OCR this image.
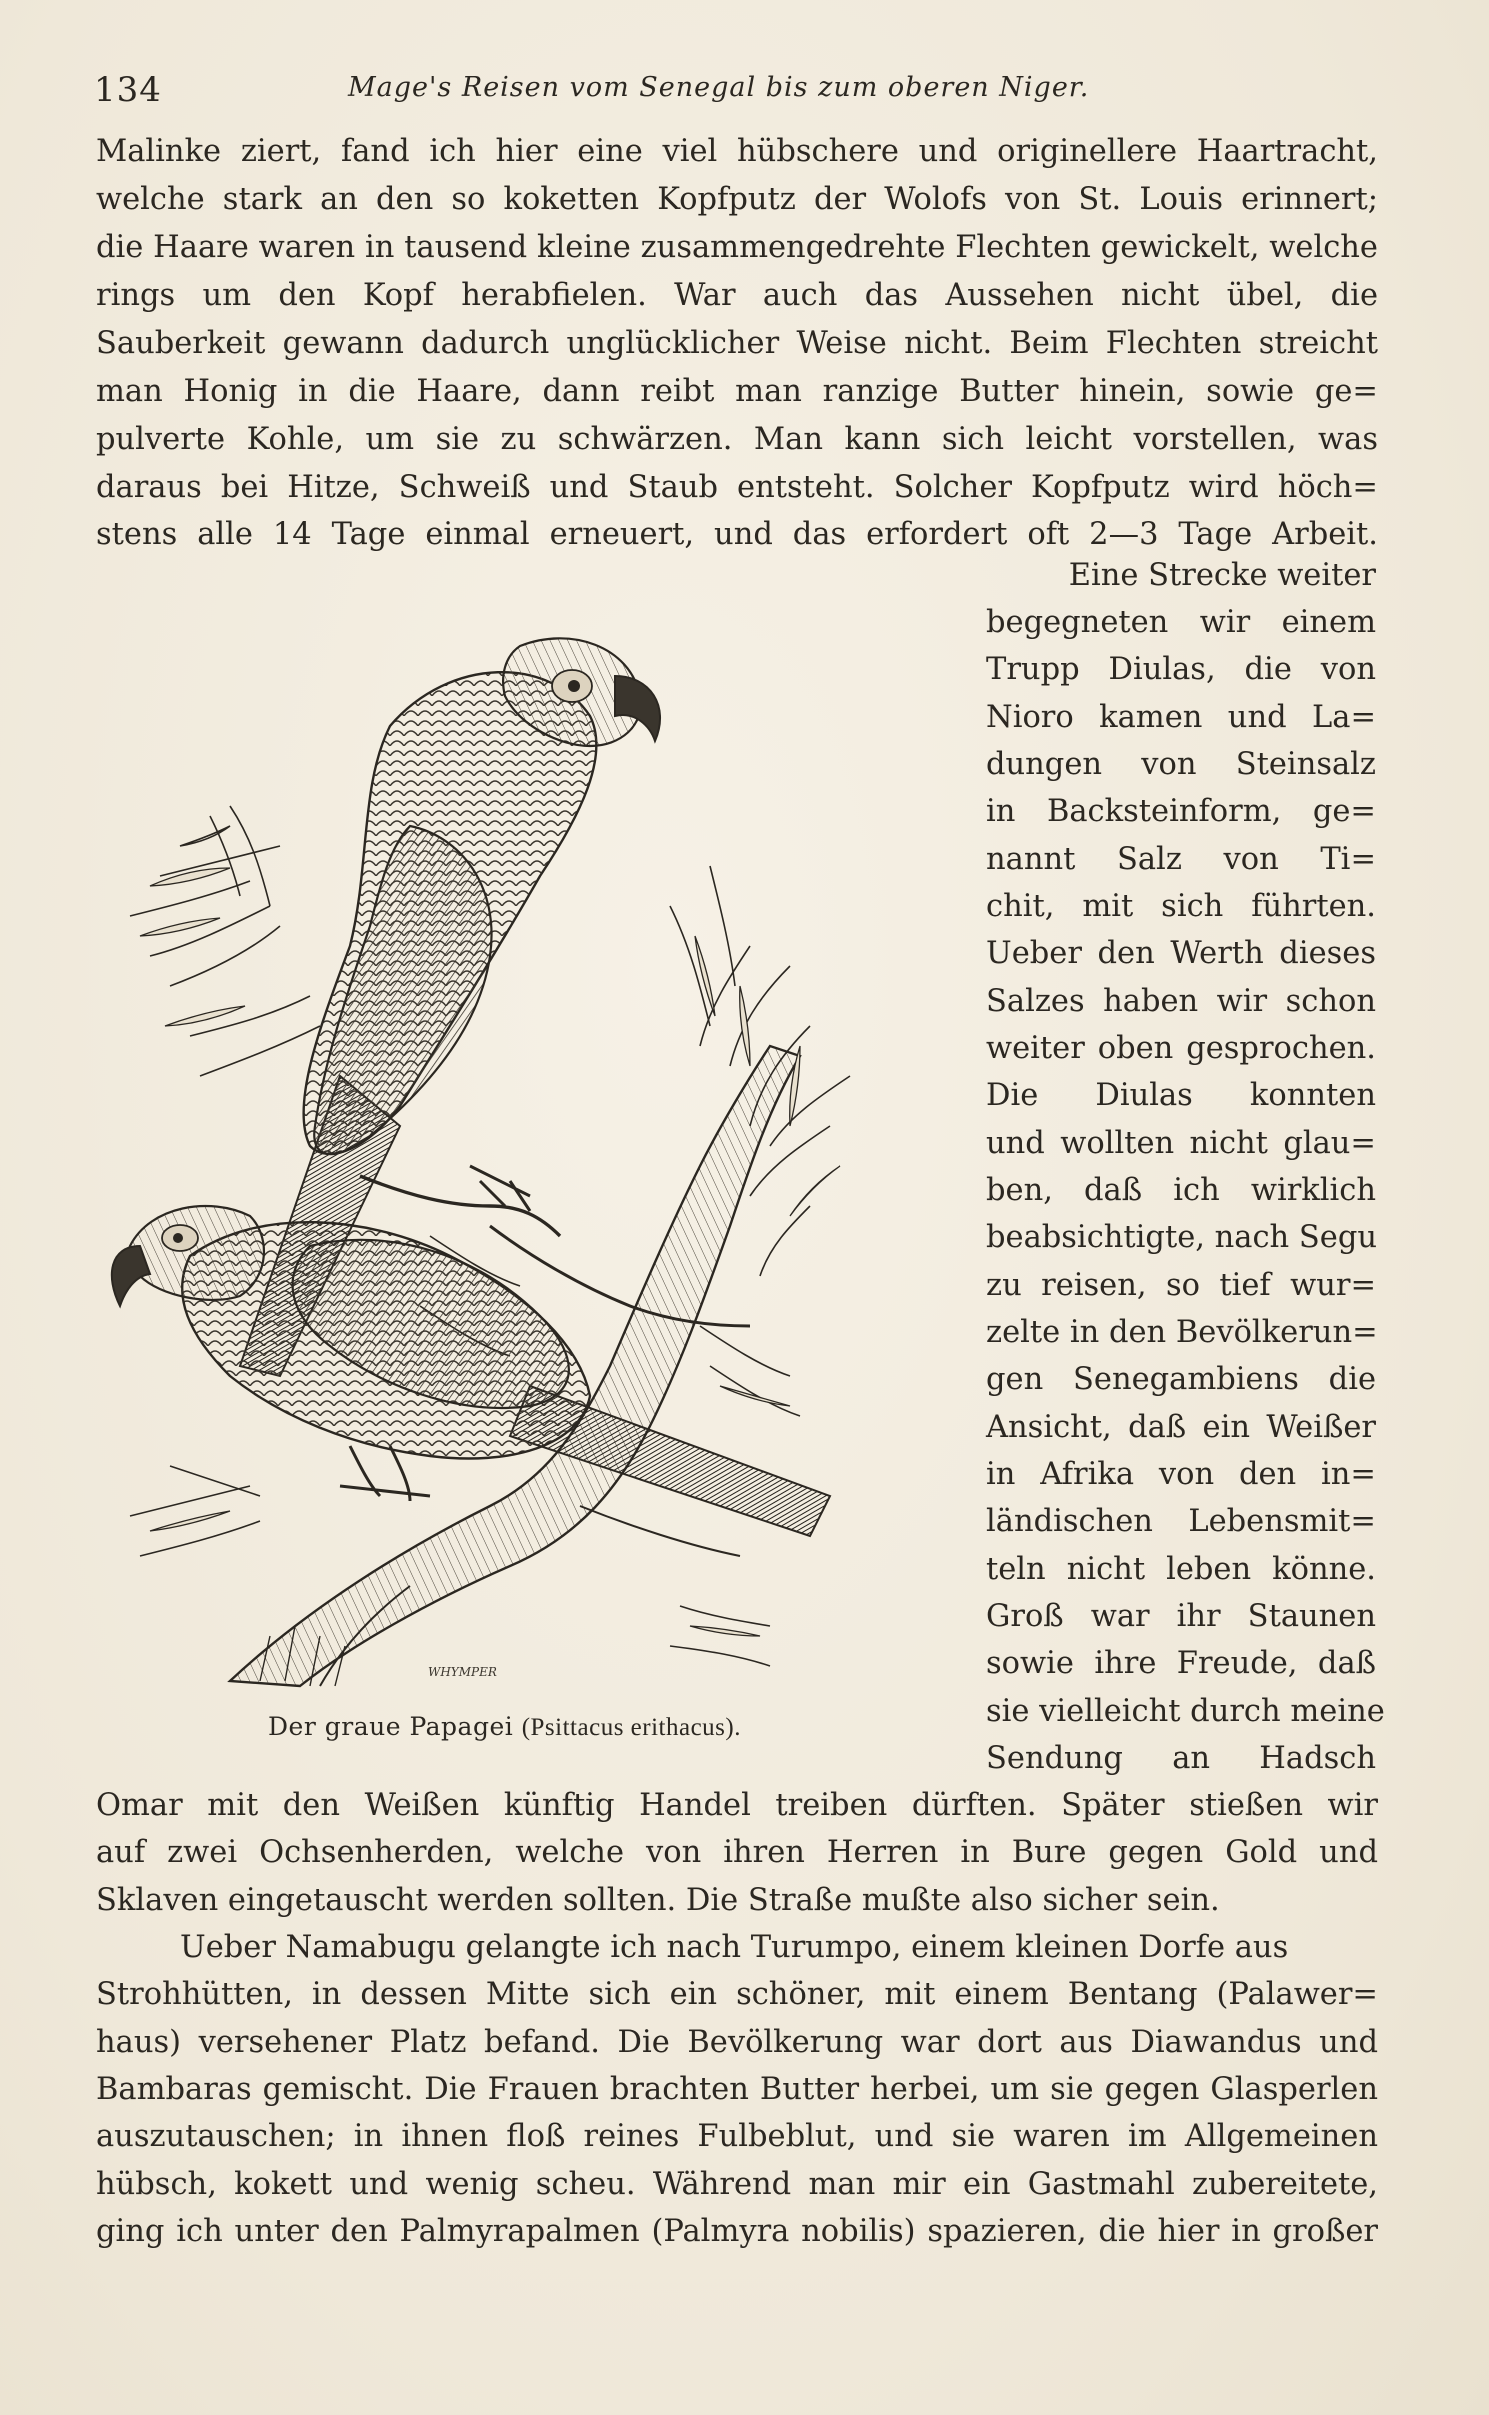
134	Mage's Reisen vom Senegal bis zum oberen Niger.
Malinke ziert, fand ich hier eine viel hübschere und originellere Haartracht,
welche stark an den so koketten Kopfputz der Wolofs von St. Louis erinnert;
die Haare waren in tausend kleine zusammengedrehte Flechten gewickelt, welche
rings um den Kopf herabfielen. War auch das Aussehen nicht übel, die
Sauberkeit gewann dadurch unglücklicher Weise nicht. Beim Flechten streicht
man Honig in die Haare, dann reibt man ranzige Butter hinein, sowie ge=
pulverte Kohle, um sie zu schwärzen. Man kann sich leicht vorstellen, was
daraus bei Hitze, Schweiß und Staub entsteht. Solcher Kopfputz wird höch=
stens alle 14 Tage einmal erneuert, und das erfordert oft 2—3 Tage Arbeit.
Eine Strecke weiter
begegneten wir einem
Trupp Diulas, die von
Nioro kamen und La=
dungen von Steinsalz
in Backsteinform, ge=
nannt Salz von Ti=
chit, mit sich führten.
Ueber den Werth dieses
Salzes haben wir schon
weiter oben gesprochen.
Die Diulas konnten
und wollten nicht glau=
ben, daß ich wirklich
beabsichtigte, nach Segu
zu reisen, so tief wur=
zelte in den Bevölkerun=
gen Senegambiens die
Ansicht, daß ein Weißer
in Afrika von den in=
ländischen Lebensmit=
teln nicht leben könne.
Groß war ihr Staunen
sowie ihre Freude, daß
sie vielleicht durch meine
Sendung an Hadsch
Omar mit den Weißen künftig Handel treiben dürften. Später stießen wir
auf zwei Ochsenherden, welche von ihren Herren in Bure gegen Gold und
Sklaven eingetauscht werden sollten. Die Straße mußte also sicher sein.
Ueber Namabugu gelangte ich nach Turumpo, einem kleinen Dorfe aus
Strohhütten, in dessen Mitte sich ein schöner, mit einem Bentang (Palawer=
haus) versehener Platz befand. Die Bevölkerung war dort aus Diawandus und
Bambaras gemischt. Die Frauen brachten Butter herbei, um sie gegen Glasperlen
auszutauschen; in ihnen floß reines Fulbeblut, und sie waren im Allgemeinen
hübsch, kokett und wenig scheu. Während man mir ein Gastmahl zubereitete,
ging ich unter den Palmyrapalmen (Palmyra nobilis) spazieren, die hier in großer
WHYMPER
Der graue Papagei (Psittacus erithacus).
